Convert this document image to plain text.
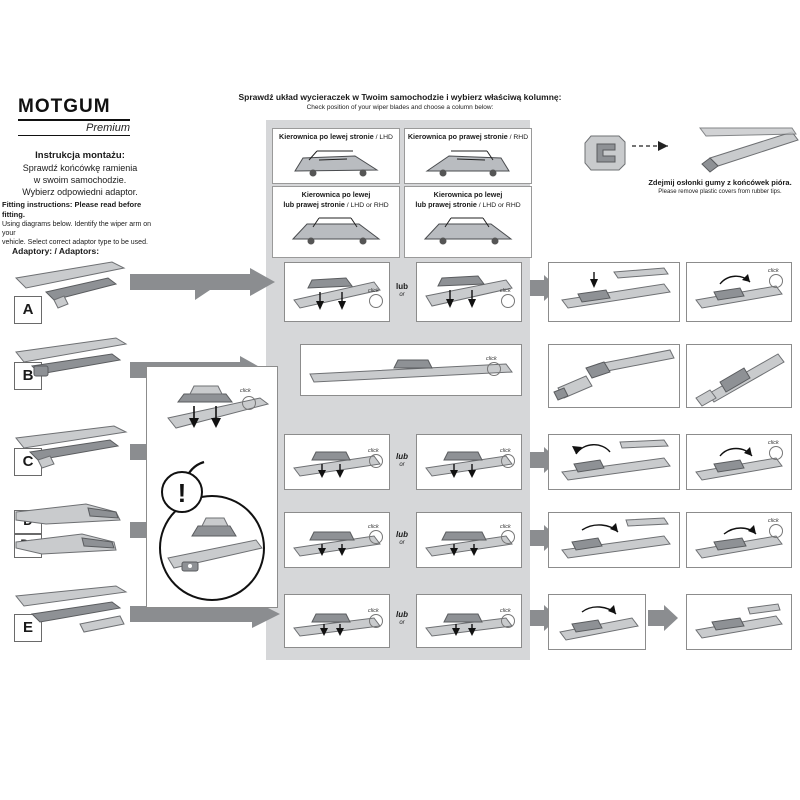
MOTGUM
Premium
Instrukcja montażu:
Sprawdź końcówkę ramienia
w swoim samochodzie.
Wybierz odpowiedni adaptor.
Fitting instructions: Please read before fitting.
Using diagrams below. Identify the wiper arm on your
vehicle. Select correct adaptor type to be used.
Adaptory: / Adaptors:
Sprawdź układ wycieraczek w Twoim samochodzie i wybierz właściwą kolumnę:
Check position of your wiper blades and choose a column below:
Zdejmij osłonki gumy z końcówek pióra.
Please remove plastic covers from rubber tips.
Kierownica po lewej stronie / LHD	Kierownica po prawej stronie / RHD
Kierownica po lewej
lub prawej stronie / LHD or RHD
Kierownica po lewej
lub prawej stronie / LHD or RHD
A
B
C
E
click
!
click	lub
or
click
click
click
lub
or
click
click
lub
or
click
click	lub
or
click
click
click
click
